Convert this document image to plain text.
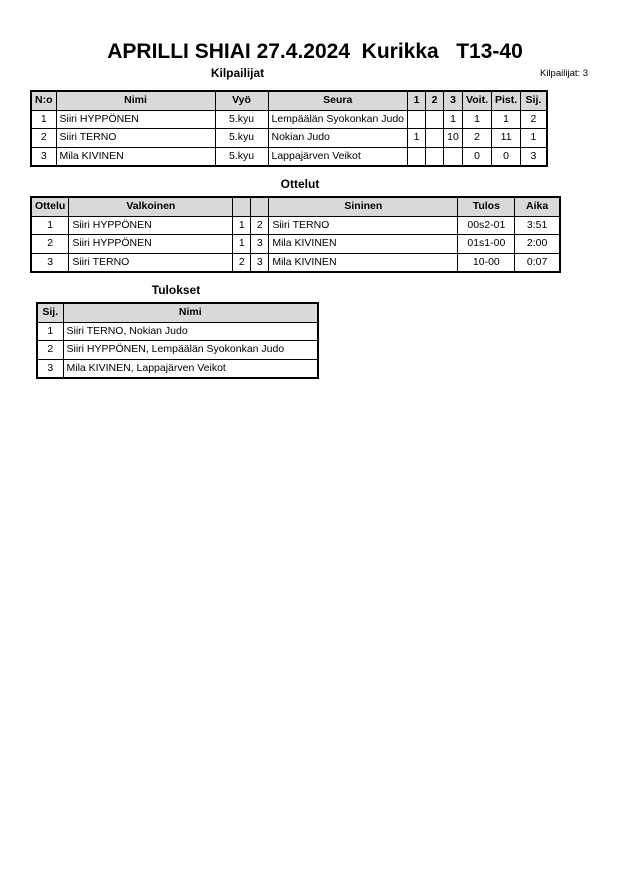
APRILLI SHIAI 27.4.2024  Kurikka   T13-40
Kilpailijat	Kilpailijat: 3
N:o	Nimi	Vyö	Seura	1	2	3	Voit.	Pist.	Sij.
1	Siiri HYPPÖNEN	5.kyu	Lempäälän Syokonkan Judo			1	1	1	2
2	Siiri TERNO	5.kyu	Nokian Judo	1		10	2	11	1
3	Mila KIVINEN	5.kyu	Lappajärven Veikot				0	0	3
Ottelut
Ottelu	Valkoinen			Sininen	Tulos	Aika
1	Siiri HYPPÖNEN	1	2	Siiri TERNO	00s2-01	3:51
2	Siiri HYPPÖNEN	1	3	Mila KIVINEN	01s1-00	2:00
3	Siiri TERNO	2	3	Mila KIVINEN	10-00	0:07
Tulokset
Sij.	Nimi
1	Siiri TERNO, Nokian Judo
2	Siiri HYPPÖNEN, Lempäälän Syokonkan Judo
3	Mila KIVINEN, Lappajärven Veikot
